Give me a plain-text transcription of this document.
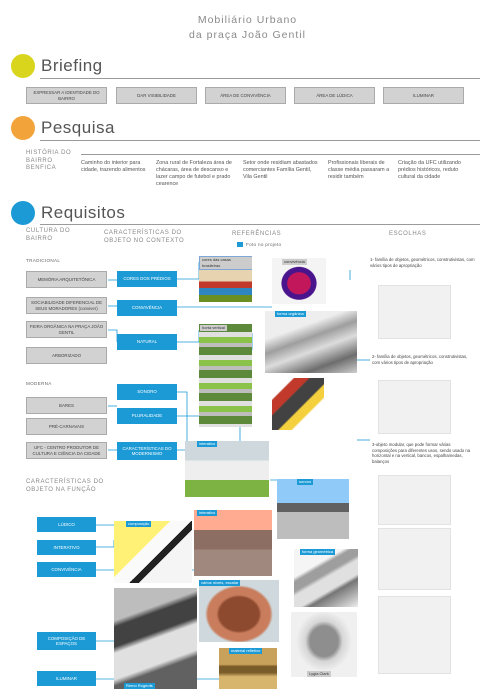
Mobiliário Urbano
da praça João Gentil
Briefing
EXPRESSAR A IDENTIDADE DO BAIRRO
DAR VISIBILIDADE	ÁREA DE CONVIVÊNCIA	ÁREA DE LÚDICA	ILUMINAR
Pesquisa
HISTÓRIA DO BAIRRO BENFICA
Caminho do interior para cidade, trazendo alimentos
Zona rural de Fortaleza área de chácaras, área de descanso e lazer campo de futebol e prado cearence
Setor onde residiam abastados comerciantes Família Gentil, Vila Gentil
Profissionais liberais de classe média passaram a residir também
Criação da UFC utilizando prédios históricos, reduto cultural da cidade
Requisitos
CULTURA DO BAIRRO
CARACTERÍSTICAS DO OBJETO NO CONTEXTO
REFERÊNCIAS	ESCOLHAS
Foto no projeto
TRADICIONAL
MEMÓRIA ARQUITETÔNICA
SOCIABILIDADE DIFERENCIAL DE SEUS MORADORES (conviver)
FEIRA ORGÂNICA NA PRAÇA JOÃO GENTIL
ARBORIZADO
MODERNA
BARES
PRÉ-CARNAVAIS
UFC - CENTRO PRODUTOR DE CULTURA E CIÊNCIA DA CIDADE
CORES DOS PRÉDIOS
CONVIVÊNCIA
NATURAL
SONORO
PLURALIDADE
CARACTERÍSTICAS DO MODERNISMO
CARACTERÍSTICAS DO OBJETO NA FUNÇÃO
LÚDICO
INTERATIVO
CONVIVÊNCIA
COMPOSIÇÃO DE ESPAÇOS
ILUMINAR
cores das casas brasileiras
convivência
horta vertical
forma orgânica
interativo
sonoro
composição
interativo
forma geométrica
Remo Rogeofs
vários níveis, escalar
material refletivo
Lygia Clark
1- família de objetos, geométricos, construtivistas, com vários tipos de apropriação
2- família de objetos, geométricos, construtivistas, com vários tipos de apropriação
3-objeto modular, que pode formar várias composições para diferentes usos, sendo usado na horizontal e na vertical, bancos, espalhamedas, balanços
